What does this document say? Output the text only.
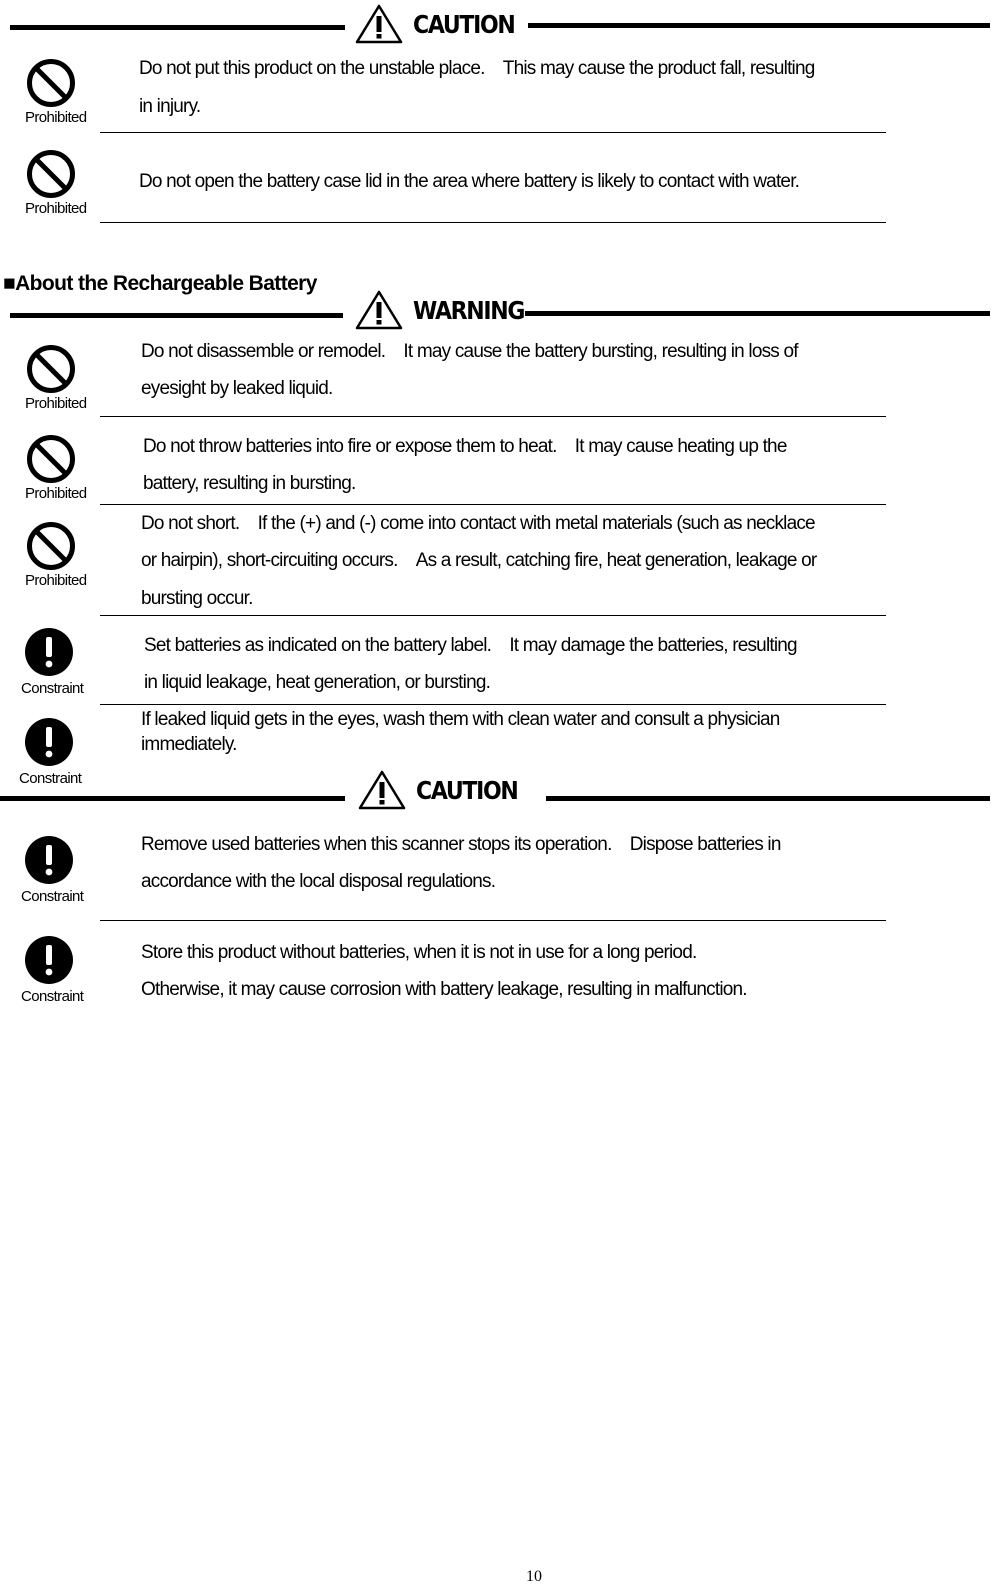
CAUTION
Prohibited
Do not put this product on the unstable place.　This may cause the product fall, resulting
in injury.
Prohibited
Do not open the battery case lid in the area where battery is likely to contact with water.
■About the Rechargeable Battery
WARNING
Prohibited
Do not disassemble or remodel.　It may cause the battery bursting, resulting in loss of
eyesight by leaked liquid.
Prohibited
Do not throw batteries into fire or expose them to heat.　It may cause heating up the
battery, resulting in bursting.
Prohibited
Do not short.　If the (+) and (-) come into contact with metal materials (such as necklace
or hairpin), short-circuiting occurs.　As a result, catching fire, heat generation, leakage or
bursting occur.
Constraint
Set batteries as indicated on the battery label.　It may damage the batteries, resulting
in liquid leakage, heat generation, or bursting.
Constraint
If leaked liquid gets in the eyes, wash them with clean water and consult a physician
immediately.
CAUTION
Constraint
Remove used batteries when this scanner stops its operation.　Dispose batteries in
accordance with the local disposal regulations.
Constraint
Store this product without batteries, when it is not in use for a long period.
Otherwise, it may cause corrosion with battery leakage, resulting in malfunction.
10
